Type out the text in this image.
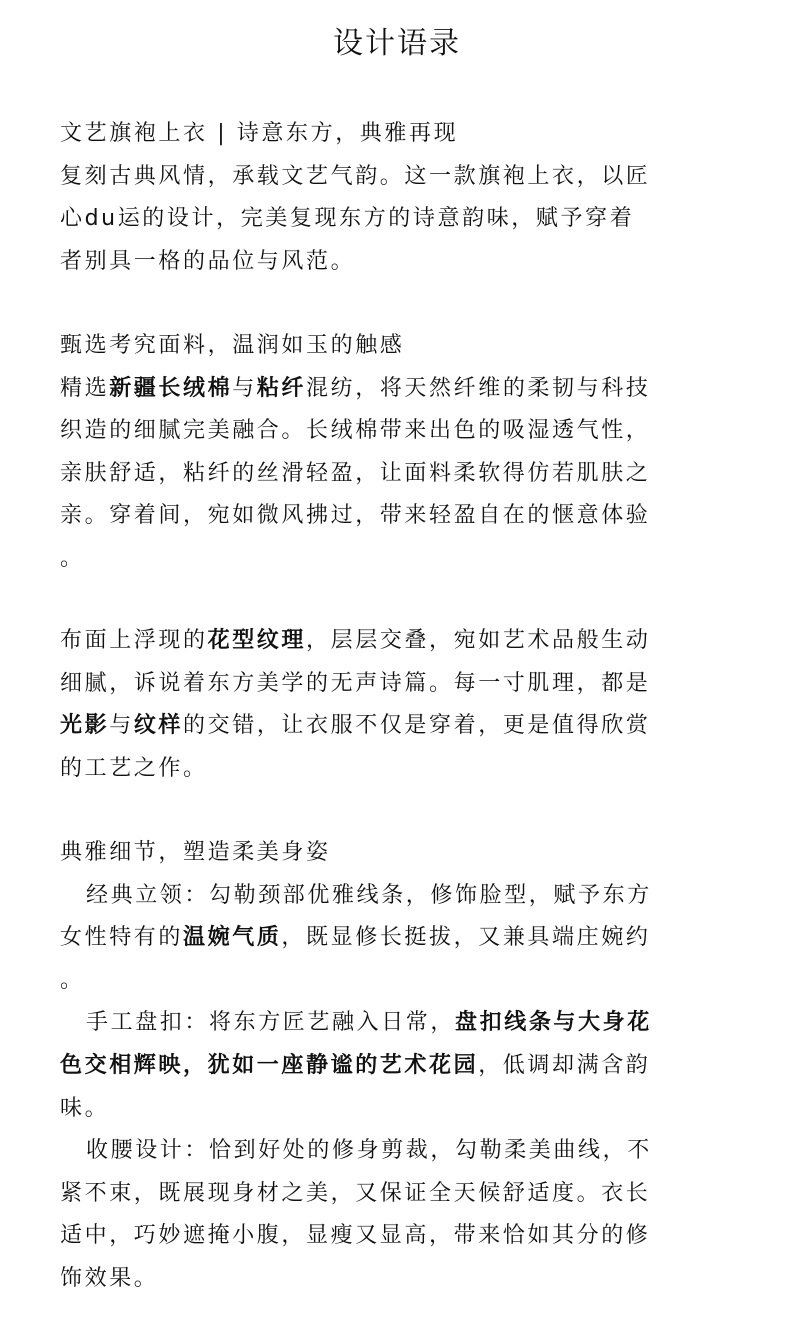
设计语录

文艺旗袍上衣 | 诗意东方，典雅再现

复刻古典风情，承载文艺气韵。这一款旗袍上衣，以匠

心du运的设计，完美复现东方的诗意韵味，赋予穿着

者别具一格的品位与风范。

甄选考究面料，温润如玉的触感

精选新疆长绒棉与粘纤混纺，将天然纤维的柔韧与科技

织造的细腻完美融合。长绒棉带来出色的吸湿透气性，

亲肤舒适，粘纤的丝滑轻盈，让面料柔软得仿若肌肤之

亲。穿着间，宛如微风拂过，带来轻盈自在的惬意体验

。

布面上浮现的花型纹理，层层交叠，宛如艺术品般生动

细腻，诉说着东方美学的无声诗篇。每一寸肌理，都是

光影与纹样的交错，让衣服不仅是穿着，更是值得欣赏

的工艺之作。

典雅细节，塑造柔美身姿

经典立领：勾勒颈部优雅线条，修饰脸型，赋予东方

女性特有的温婉气质，既显修长挺拔，又兼具端庄婉约

。

手工盘扣：将东方匠艺融入日常，盘扣线条与大身花

色交相辉映，犹如一座静谧的艺术花园，低调却满含韵

味。

收腰设计：恰到好处的修身剪裁，勾勒柔美曲线，不

紧不束，既展现身材之美，又保证全天候舒适度。衣长

适中，巧妙遮掩小腹，显瘦又显高，带来恰如其分的修

饰效果。
